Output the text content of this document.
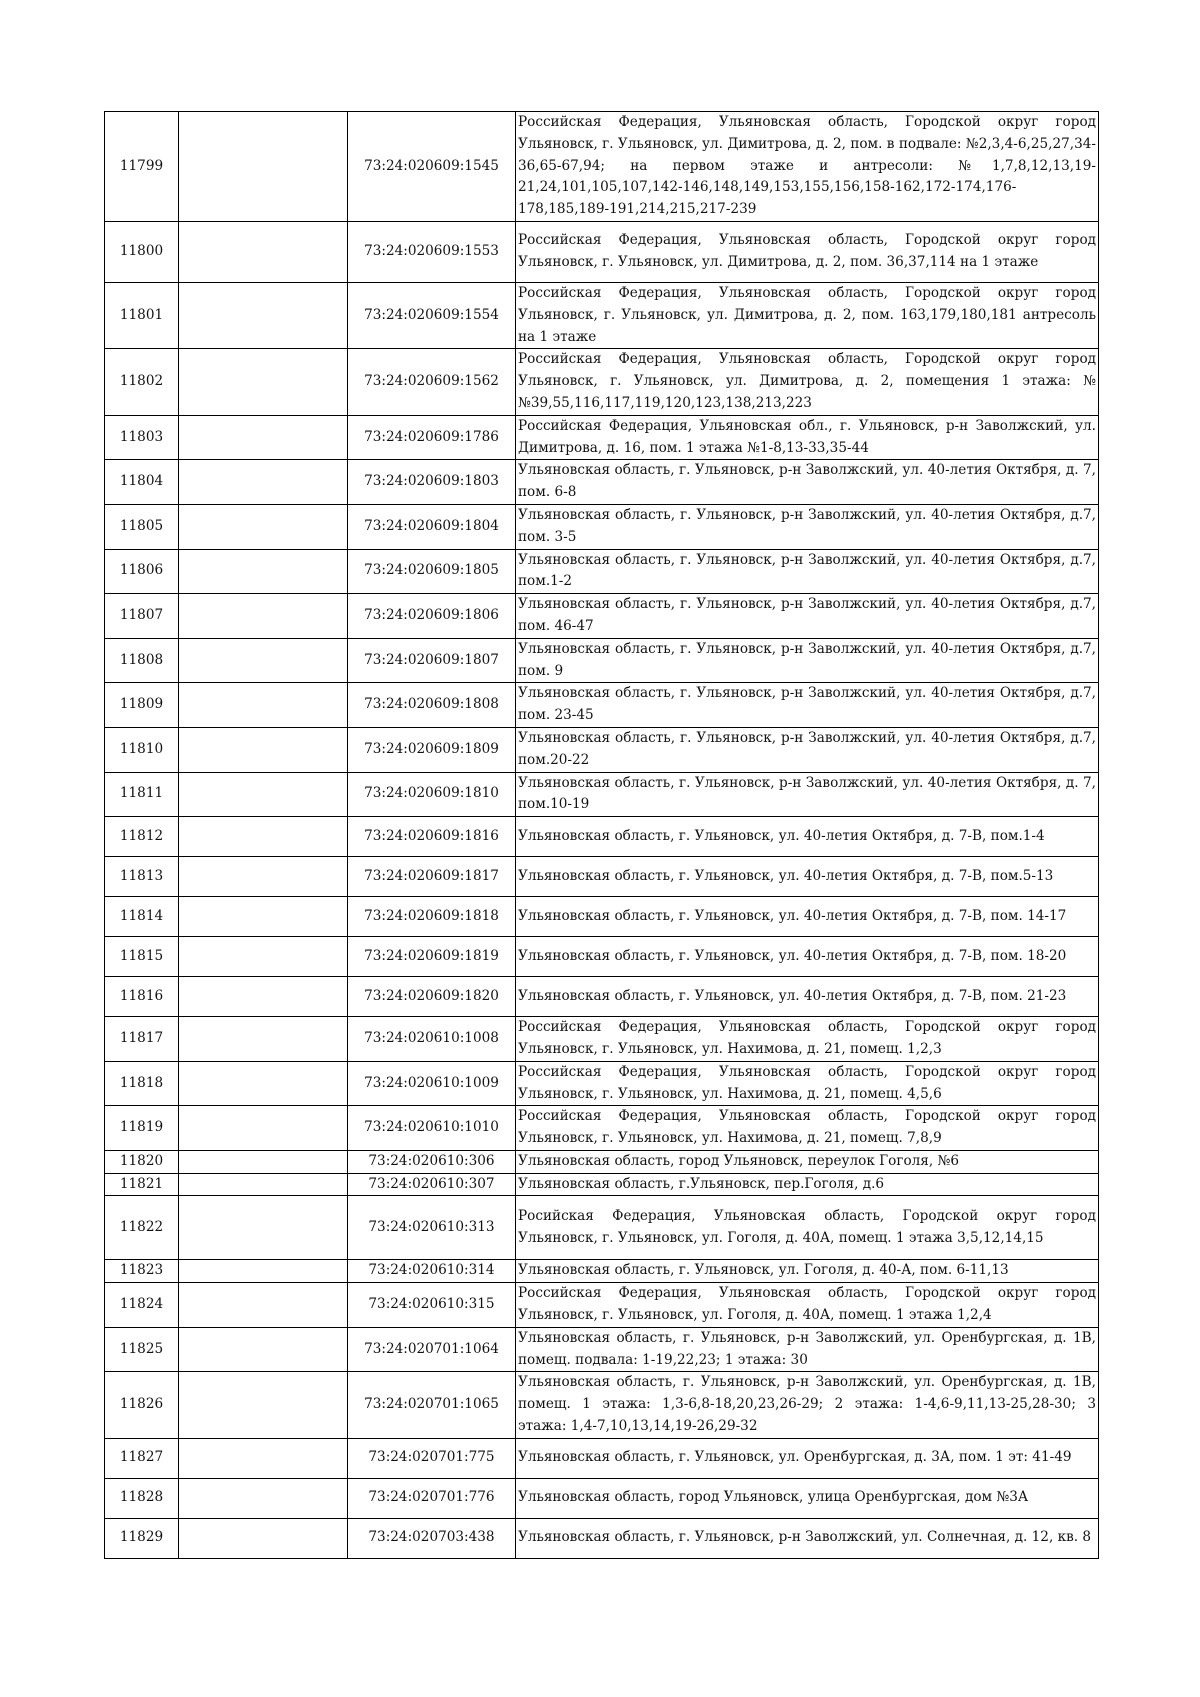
11799		73:24:020609:1545	Российская Федерация, Ульяновская область, Городской округ город Ульяновск, г. Ульяновск, ул. Димитрова, д. 2, пом. в подвале: №2,3,4-6,25,27,34-36,65-67,94; на первом этаже и антресоли: №1,7,8,12,13,19-21,24,101,105,107,142-146,148,149,153,155,156,158-162,172-174,176-178,185,189-191,214,215,217-239
11800		73:24:020609:1553	Российская Федерация, Ульяновская область, Городской округ город Ульяновск, г. Ульяновск, ул. Димитрова, д. 2, пом. 36,37,114 на 1 этаже
11801		73:24:020609:1554	Российская Федерация, Ульяновская область, Городской округ город Ульяновск, г. Ульяновск, ул. Димитрова, д. 2, пом. 163,179,180,181 антресоль на 1 этаже
11802		73:24:020609:1562	Российская Федерация, Ульяновская область, Городской округ город Ульяновск, г. Ульяновск, ул. Димитрова, д. 2, помещения 1 этажа: №№39,55,116,117,119,120,123,138,213,223
11803		73:24:020609:1786	Российская Федерация, Ульяновская обл., г. Ульяновск, р-н Заволжский, ул. Димитрова, д. 16, пом. 1 этажа №1-8,13-33,35-44
11804		73:24:020609:1803	Ульяновская область, г. Ульяновск, р-н Заволжский, ул. 40-летия Октября, д. 7, пом. 6-8
11805		73:24:020609:1804	Ульяновская область, г. Ульяновск, р-н Заволжский, ул. 40-летия Октября, д.7, пом. 3-5
11806		73:24:020609:1805	Ульяновская область, г. Ульяновск, р-н Заволжский, ул. 40-летия Октября, д.7, пом.1-2
11807		73:24:020609:1806	Ульяновская область, г. Ульяновск, р-н Заволжский, ул. 40-летия Октября, д.7, пом. 46-47
11808		73:24:020609:1807	Ульяновская область, г. Ульяновск, р-н Заволжский, ул. 40-летия Октября, д.7, пом. 9
11809		73:24:020609:1808	Ульяновская область, г. Ульяновск, р-н Заволжский, ул. 40-летия Октября, д.7, пом. 23-45
11810		73:24:020609:1809	Ульяновская область, г. Ульяновск, р-н Заволжский, ул. 40-летия Октября, д.7, пом.20-22
11811		73:24:020609:1810	Ульяновская область, г. Ульяновск, р-н Заволжский, ул. 40-летия Октября, д. 7, пом.10-19
11812		73:24:020609:1816	Ульяновская область, г. Ульяновск, ул. 40-летия Октября, д. 7-В, пом.1-4
11813		73:24:020609:1817	Ульяновская область, г. Ульяновск, ул. 40-летия Октября, д. 7-В, пом.5-13
11814		73:24:020609:1818	Ульяновская область, г. Ульяновск, ул. 40-летия Октября, д. 7-В, пом. 14-17
11815		73:24:020609:1819	Ульяновская область, г. Ульяновск, ул. 40-летия Октября, д. 7-В, пом. 18-20
11816		73:24:020609:1820	Ульяновская область, г. Ульяновск, ул. 40-летия Октября, д. 7-В, пом. 21-23
11817		73:24:020610:1008	Российская Федерация, Ульяновская область, Городской округ город Ульяновск, г. Ульяновск, ул. Нахимова, д. 21, помещ. 1,2,3
11818		73:24:020610:1009	Российская Федерация, Ульяновская область, Городской округ город Ульяновск, г. Ульяновск, ул. Нахимова, д. 21, помещ. 4,5,6
11819		73:24:020610:1010	Российская Федерация, Ульяновская область, Городской округ город Ульяновск, г. Ульяновск, ул. Нахимова, д. 21, помещ. 7,8,9
11820		73:24:020610:306	Ульяновская область, город Ульяновск, переулок Гоголя, №6
11821		73:24:020610:307	Ульяновская область, г.Ульяновск, пер.Гоголя, д.6
11822		73:24:020610:313	Росийская Федерация, Ульяновская область, Городской округ город Ульяновск, г. Ульяновск, ул. Гоголя, д. 40А, помещ. 1 этажа 3,5,12,14,15
11823		73:24:020610:314	Ульяновская область, г. Ульяновск, ул. Гоголя, д. 40-А, пом. 6-11,13
11824		73:24:020610:315	Российская Федерация, Ульяновская область, Городской округ город Ульяновск, г. Ульяновск, ул. Гоголя, д. 40А, помещ. 1 этажа 1,2,4
11825		73:24:020701:1064	Ульяновская область, г. Ульяновск, р-н Заволжский, ул. Оренбургская, д. 1В, помещ. подвала: 1-19,22,23; 1 этажа: 30
11826		73:24:020701:1065	Ульяновская область, г. Ульяновск, р-н Заволжский, ул. Оренбургская, д. 1В, помещ. 1 этажа: 1,3-6,8-18,20,23,26-29; 2 этажа: 1-4,6-9,11,13-25,28-30; 3 этажа: 1,4-7,10,13,14,19-26,29-32
11827		73:24:020701:775	Ульяновская область, г. Ульяновск, ул. Оренбургская, д. 3А, пом. 1 эт: 41-49
11828		73:24:020701:776	Ульяновская область, город Ульяновск, улица Оренбургская, дом №3А
11829		73:24:020703:438	Ульяновская область, г. Ульяновск, р-н Заволжский, ул. Солнечная, д. 12, кв. 8
